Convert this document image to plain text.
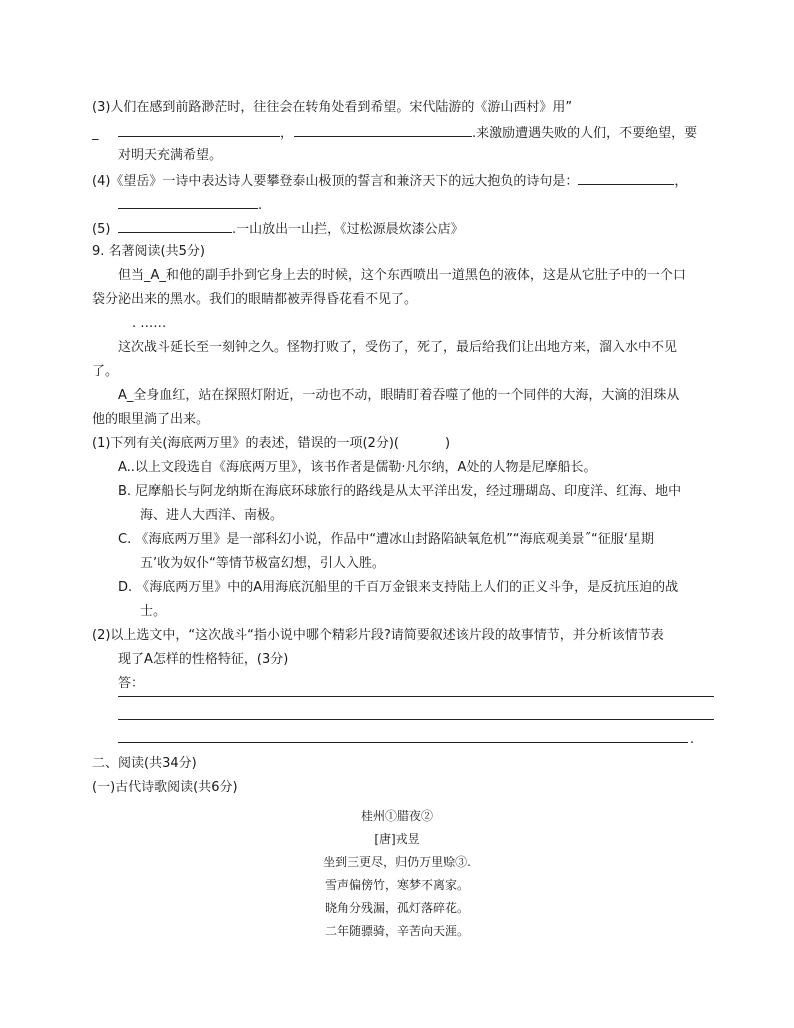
(3)人们在感到前路渺茫时，往往会在转角处看到希望。宋代陆游的《游山西村》用”
_	，	.来激励遭遇失败的人们，不要绝望，要
对明天充满希望。
(4)《望岳》一诗中表达诗人要攀登泰山极顶的誓言和兼济天下的远大抱负的诗句是：	，
.
(5)	.一山放出一山拦，《过松源晨炊漆公店》
9. 名著阅读(共5分)
但当_A_和他的副手扑到它身上去的时候，这个东西喷出一道黑色的液体，这是从它肚子中的一个口
袋分泌出来的黑水。我们的眼睛都被弄得昏花看不见了。
. ……
这次战斗延长至一刻钟之久。怪物打败了，受伤了，死了，最后给我们让出地方来，溜入水中不见
了。
A_全身血红，站在探照灯附近，一动也不动，眼睛盯着吞噬了他的一个同伴的大海，大滴的泪珠从
他的眼里淌了出来。
(1)下列有关(海底两万里》的表述，错误的一项(2分)(	)
A..以上文段选自《海底两万里》，该书作者是儒勒·凡尔纳，A处的人物是尼摩船长。
B. 尼摩船长与阿龙纳斯在海底环球旅行的路线是从太平洋出发，经过珊瑚岛、印度洋、红海、地中
海、进人大西洋、南极。
C. 《海底两万里》是一部科幻小说，作品中“遭冰山封路陷缺氧危机”“海底观美景˝“征服‘星期
五’收为奴仆“等情节极富幻想，引人入胜。
D. 《海底两万里》中的A用海底沉船里的千百万金银来支持陆上人们的正义斗争，是反抗压迫的战
士。
(2)以上选文中，“这次战斗“指小说中哪个精彩片段?请简要叙述该片段的故事情节，并分析该情节表
现了A怎样的性格特征，(3分)
答：
.
二、阅读(共34分)
(一)古代诗歌阅读(共6分)
桂州①腊夜②
[唐]戎昱
坐到三更尽，归仍万里赊③.
雪声偏傍竹，寒梦不离家。
晓角分残漏，孤灯落碎花。
二年随骠骑，辛苦向天涯。
